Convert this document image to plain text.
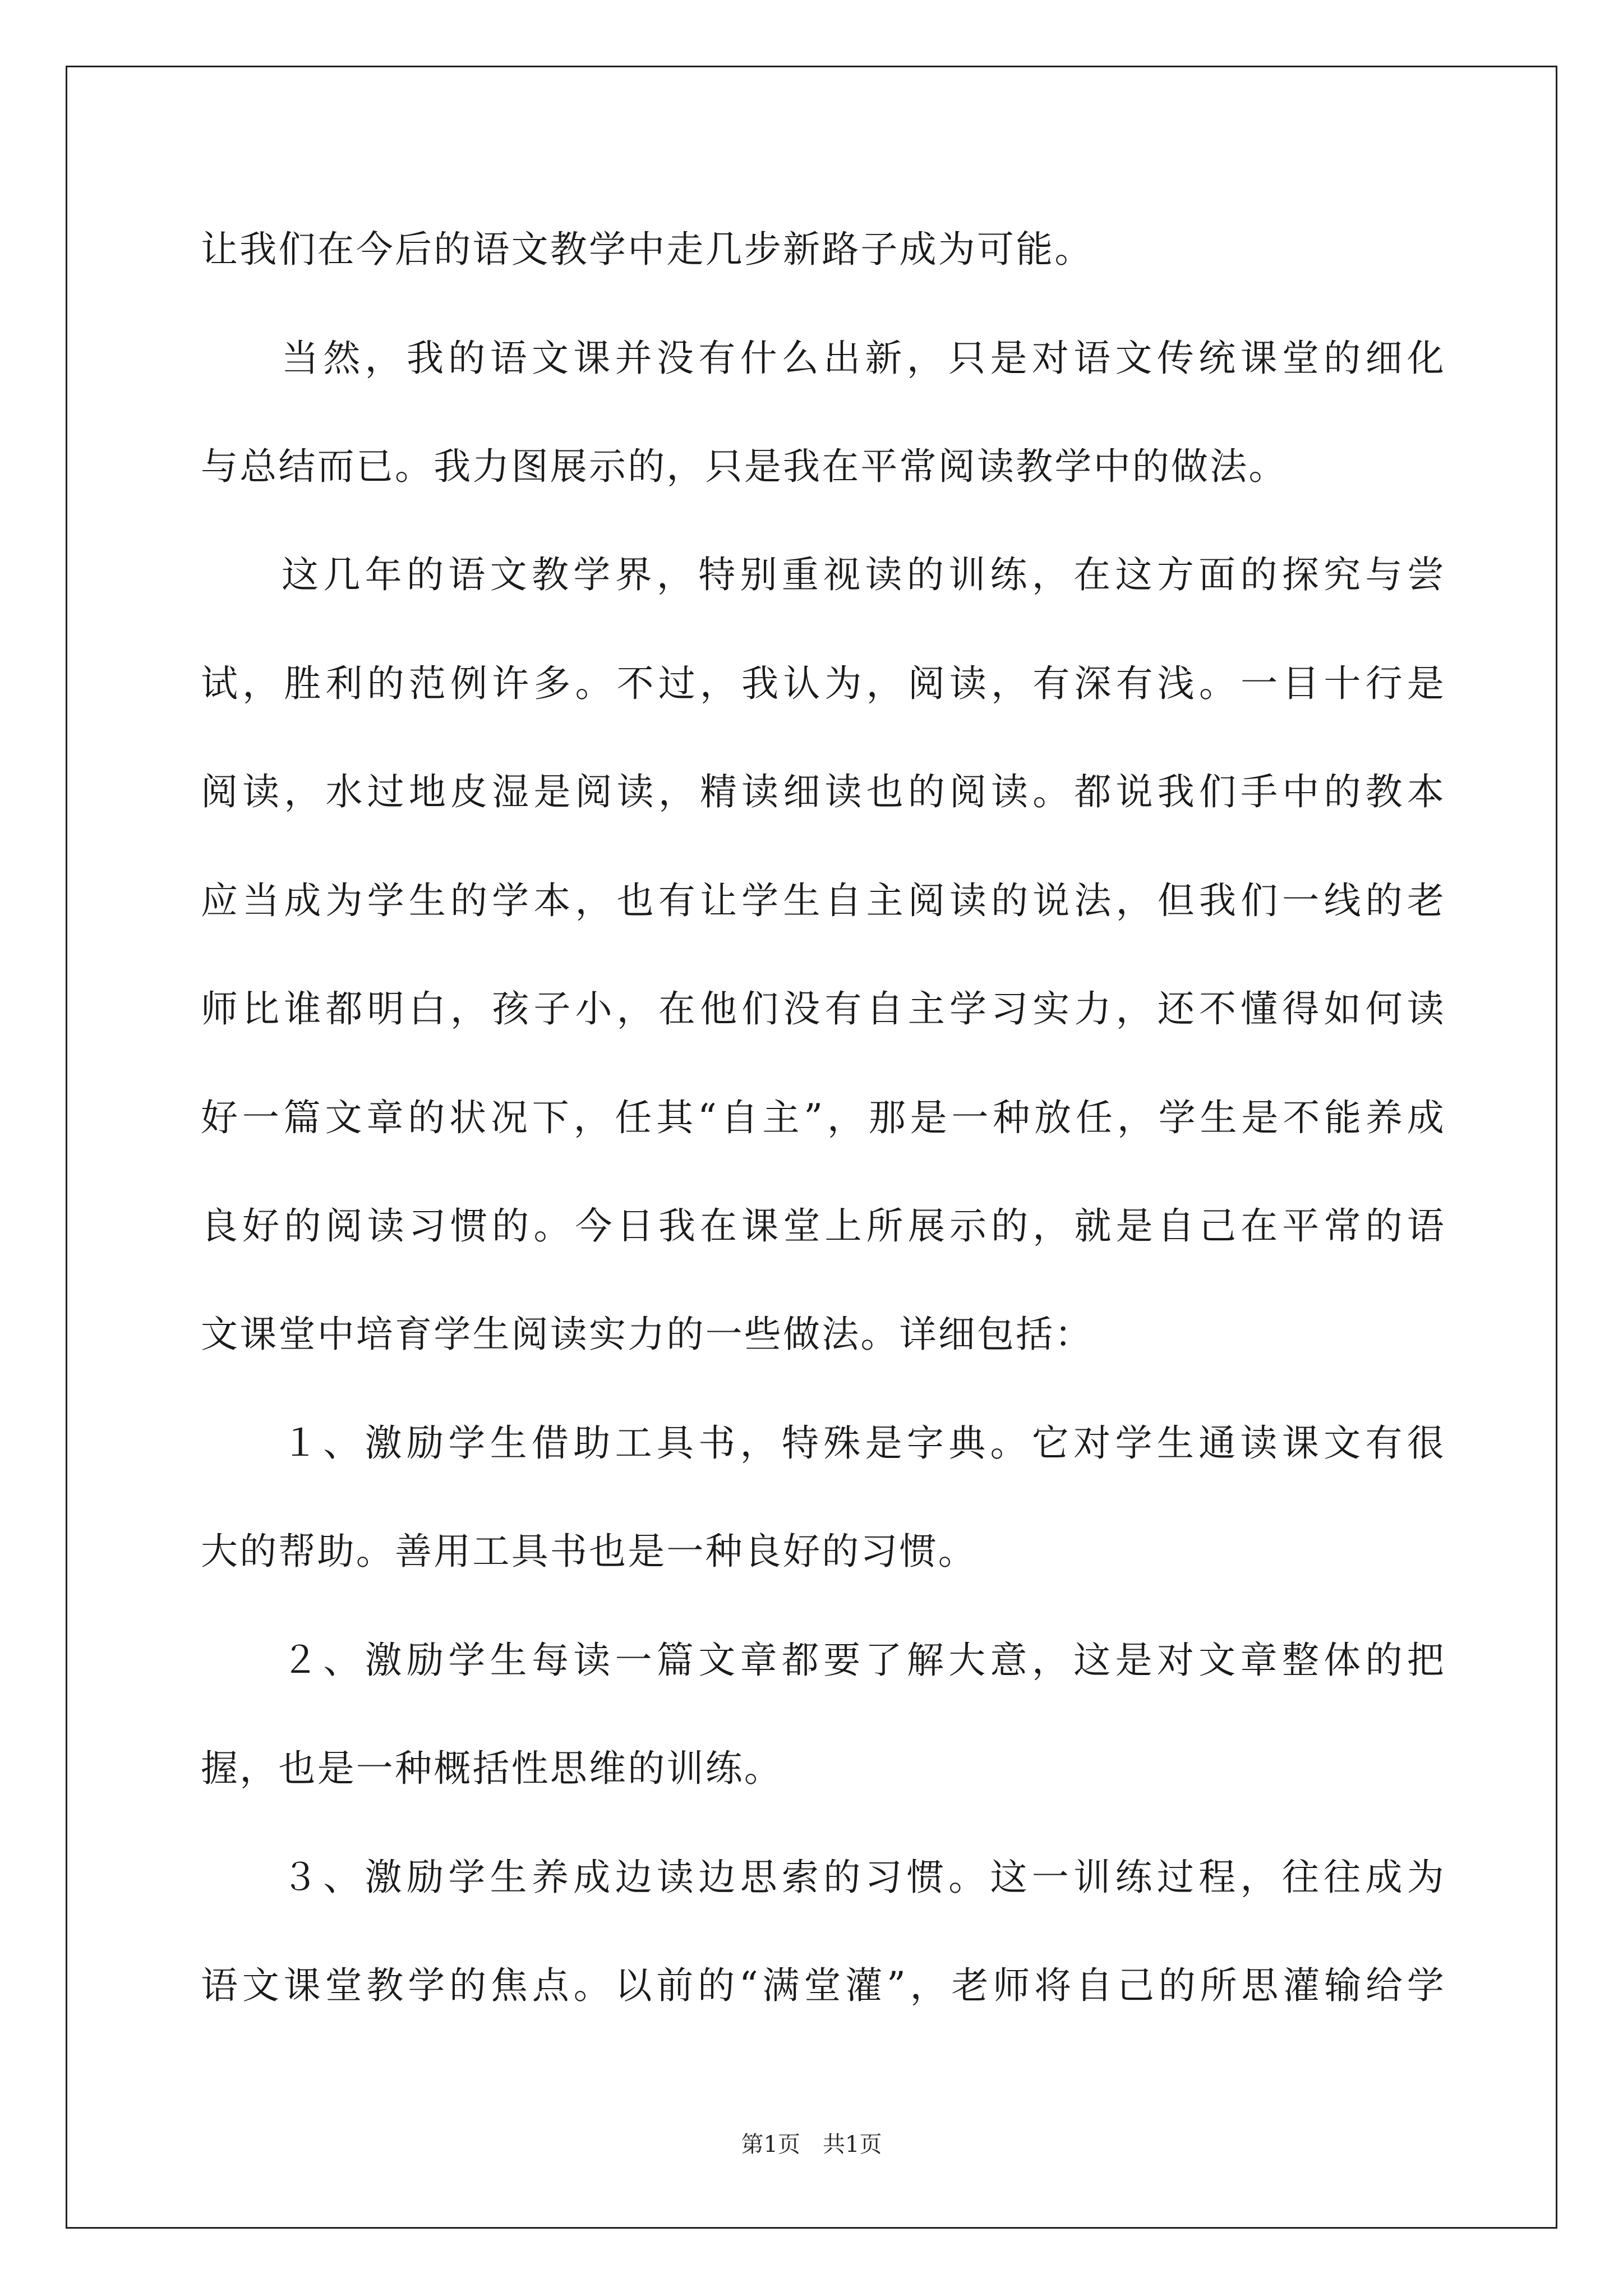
让我们在今后的语文教学中走几步新路子成为可能。
当然，我的语文课并没有什么出新，只是对语文传统课堂的细化
与总结而已。我力图展示的，只是我在平常阅读教学中的做法。
这几年的语文教学界，特别重视读的训练，在这方面的探究与尝
试，胜利的范例许多。不过，我认为，阅读，有深有浅。一目十行是
阅读，水过地皮湿是阅读，精读细读也的阅读。都说我们手中的教本
应当成为学生的学本，也有让学生自主阅读的说法，但我们一线的老
师比谁都明白，孩子小，在他们没有自主学习实力，还不懂得如何读
好一篇文章的状况下，任其“自主”，那是一种放任，学生是不能养成
良好的阅读习惯的。今日我在课堂上所展示的，就是自己在平常的语
文课堂中培育学生阅读实力的一些做法。详细包括：
１、激励学生借助工具书，特殊是字典。它对学生通读课文有很
大的帮助。善用工具书也是一种良好的习惯。
２、激励学生每读一篇文章都要了解大意，这是对文章整体的把
握，也是一种概括性思维的训练。
３、激励学生养成边读边思索的习惯。这一训练过程，往往成为
语文课堂教学的焦点。以前的“满堂灌”，老师将自己的所思灌输给学
第1页　共1页
